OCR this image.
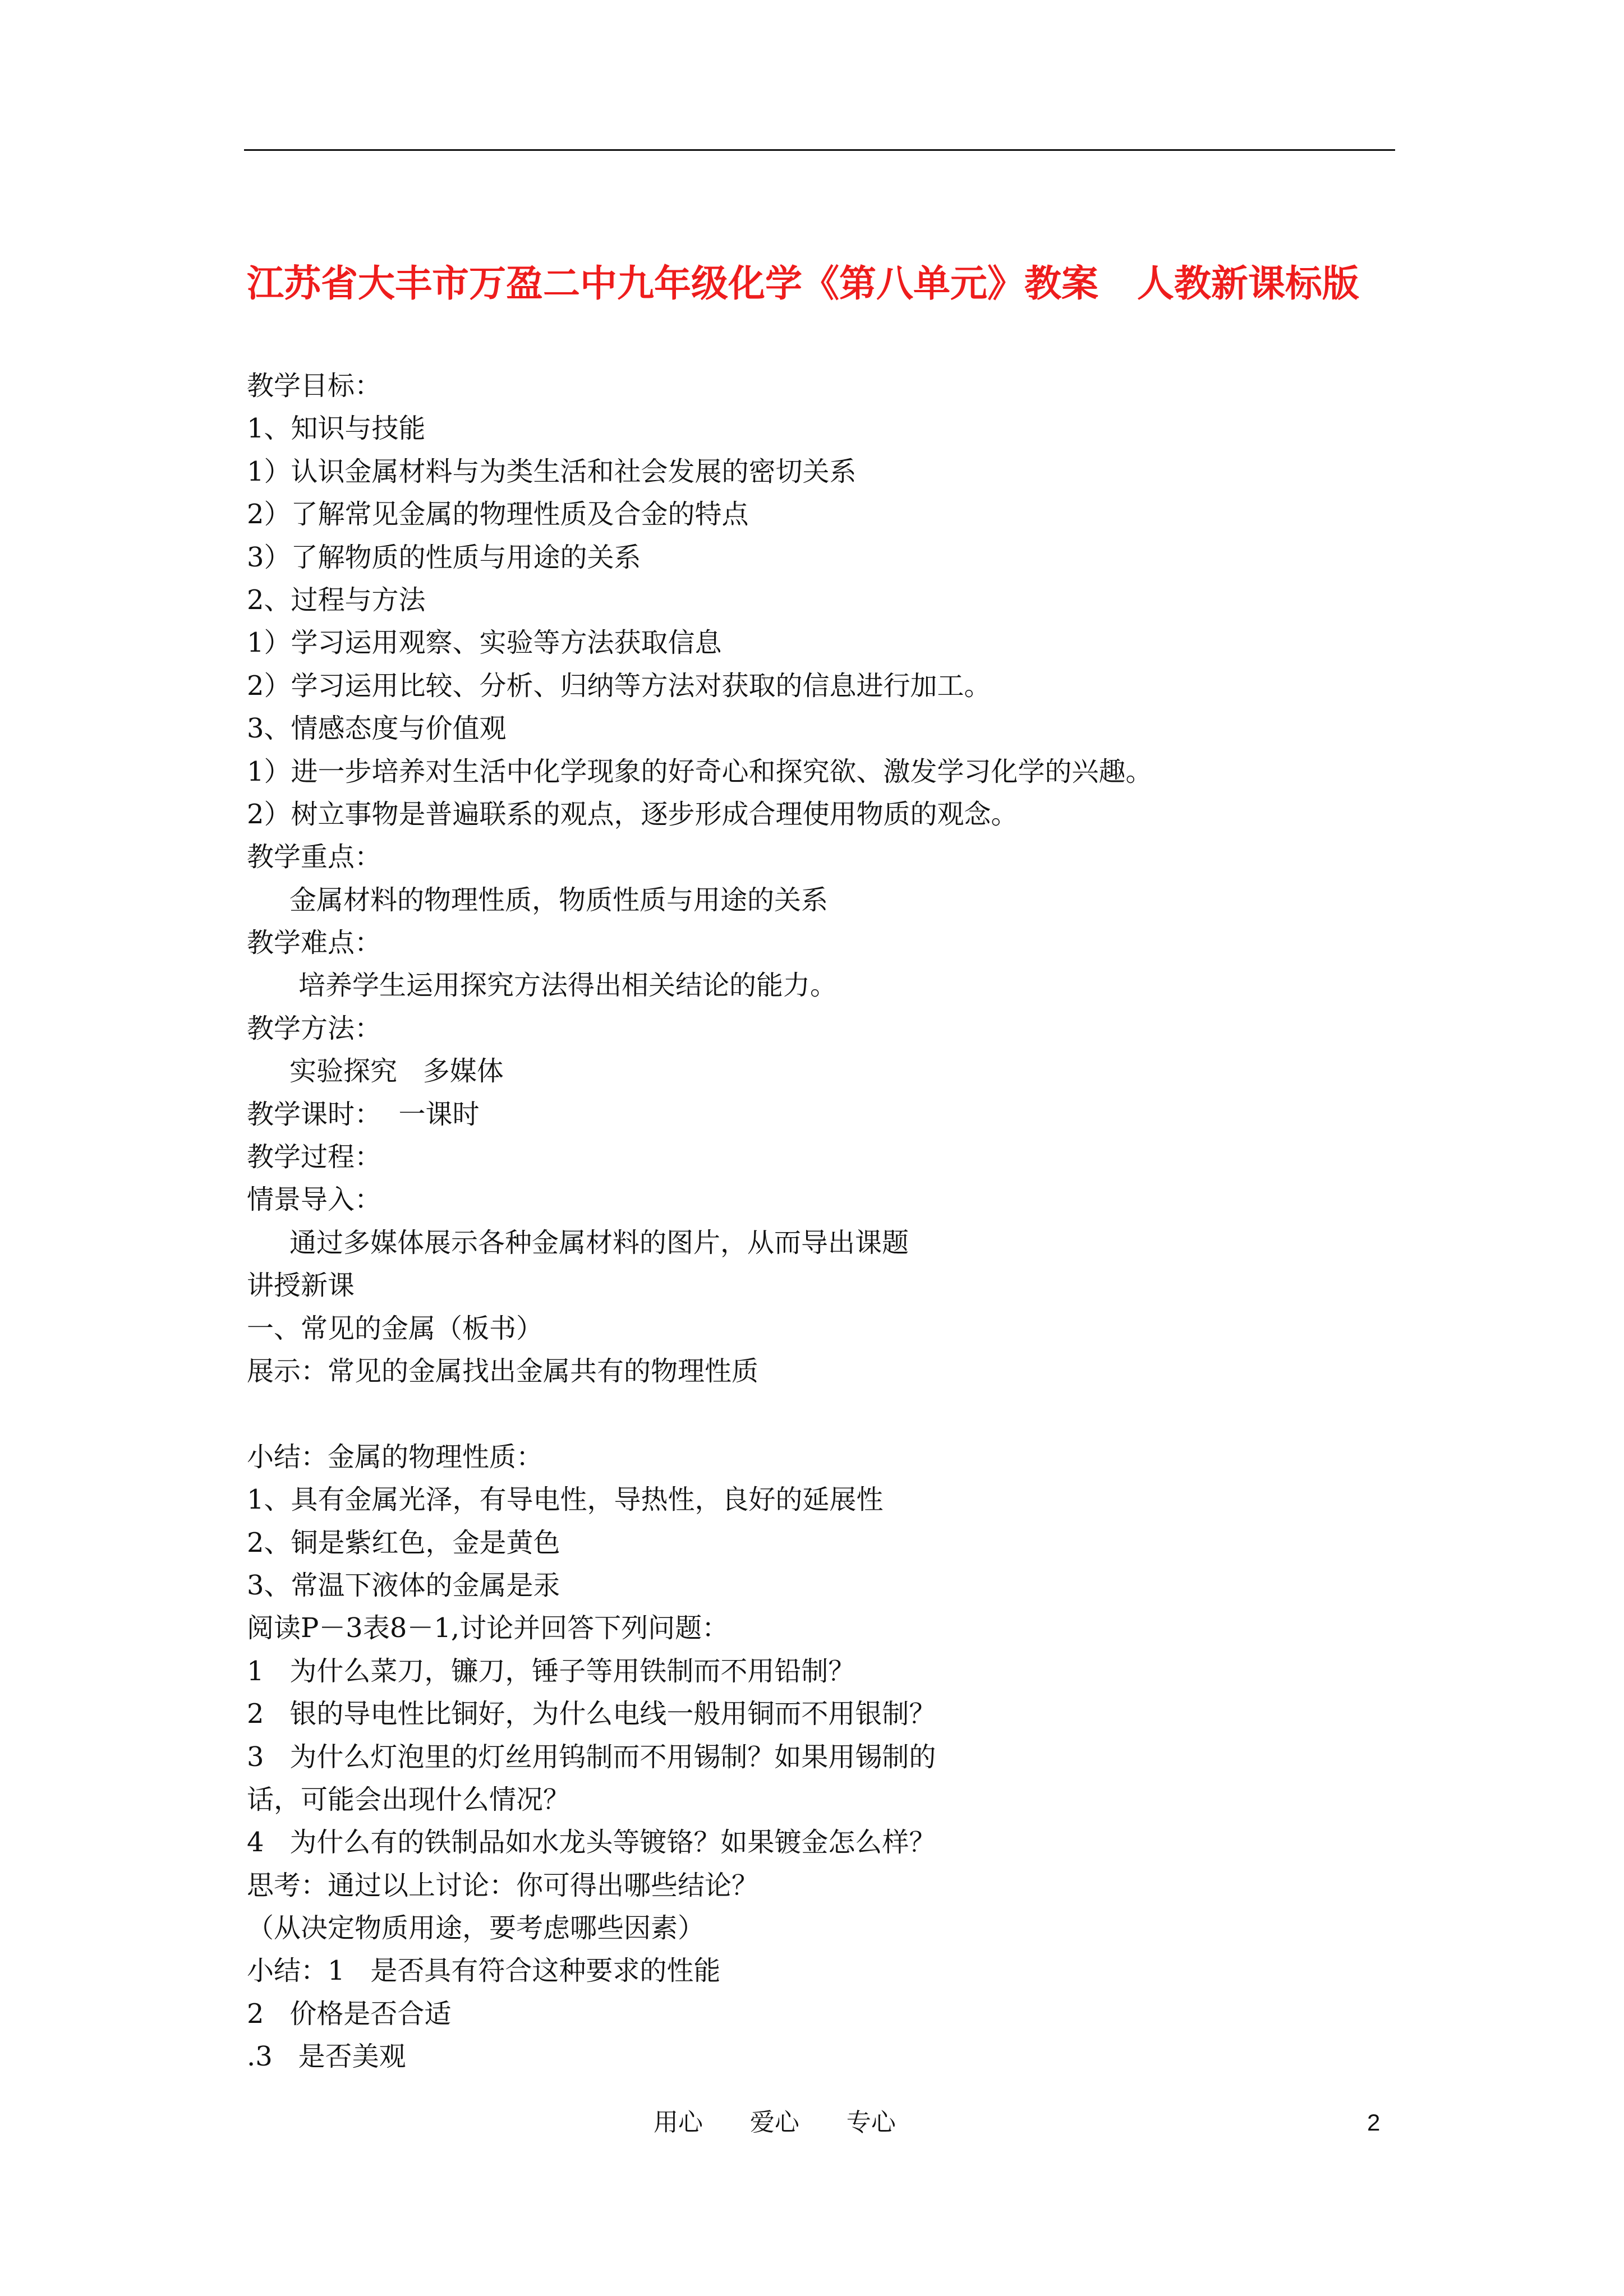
江苏省大丰市万盈二中九年级化学《第八单元》教案   人教新课标版
教学目标：
1、知识与技能
1）认识金属材料与为类生活和社会发展的密切关系
2）了解常见金属的物理性质及合金的特点
3）了解物质的性质与用途的关系
2、过程与方法
1）学习运用观察、实验等方法获取信息
2）学习运用比较、分析、归纳等方法对获取的信息进行加工。
3、情感态度与价值观
1）进一步培养对生活中化学现象的好奇心和探究欲、激发学习化学的兴趣。
2）树立事物是普遍联系的观点，逐步形成合理使用物质的观念。
教学重点：
金属材料的物理性质，物质性质与用途的关系
教学难点：
培养学生运用探究方法得出相关结论的能力。
教学方法：
实验探究   多媒体
教学课时：  一课时
教学过程：
情景导入：
通过多媒体展示各种金属材料的图片，从而导出课题
讲授新课
一、常见的金属（板书）
展示：常见的金属找出金属共有的物理性质
小结：金属的物理性质：
1、具有金属光泽，有导电性，导热性，良好的延展性
2、铜是紫红色，金是黄色
3、常温下液体的金属是汞
阅读P－3表8－1,讨论并回答下列问题：
1   为什么菜刀，镰刀，锤子等用铁制而不用铅制？
2   银的导电性比铜好，为什么电线一般用铜而不用银制？
3   为什么灯泡里的灯丝用钨制而不用锡制？如果用锡制的
话，可能会出现什么情况？
4   为什么有的铁制品如水龙头等镀铬？如果镀金怎么样？
思考：通过以上讨论：你可得出哪些结论？
（从决定物质用途，要考虑哪些因素）
小结：1   是否具有符合这种要求的性能
2   价格是否合适
.3   是否美观
用心      爱心      专心	2
